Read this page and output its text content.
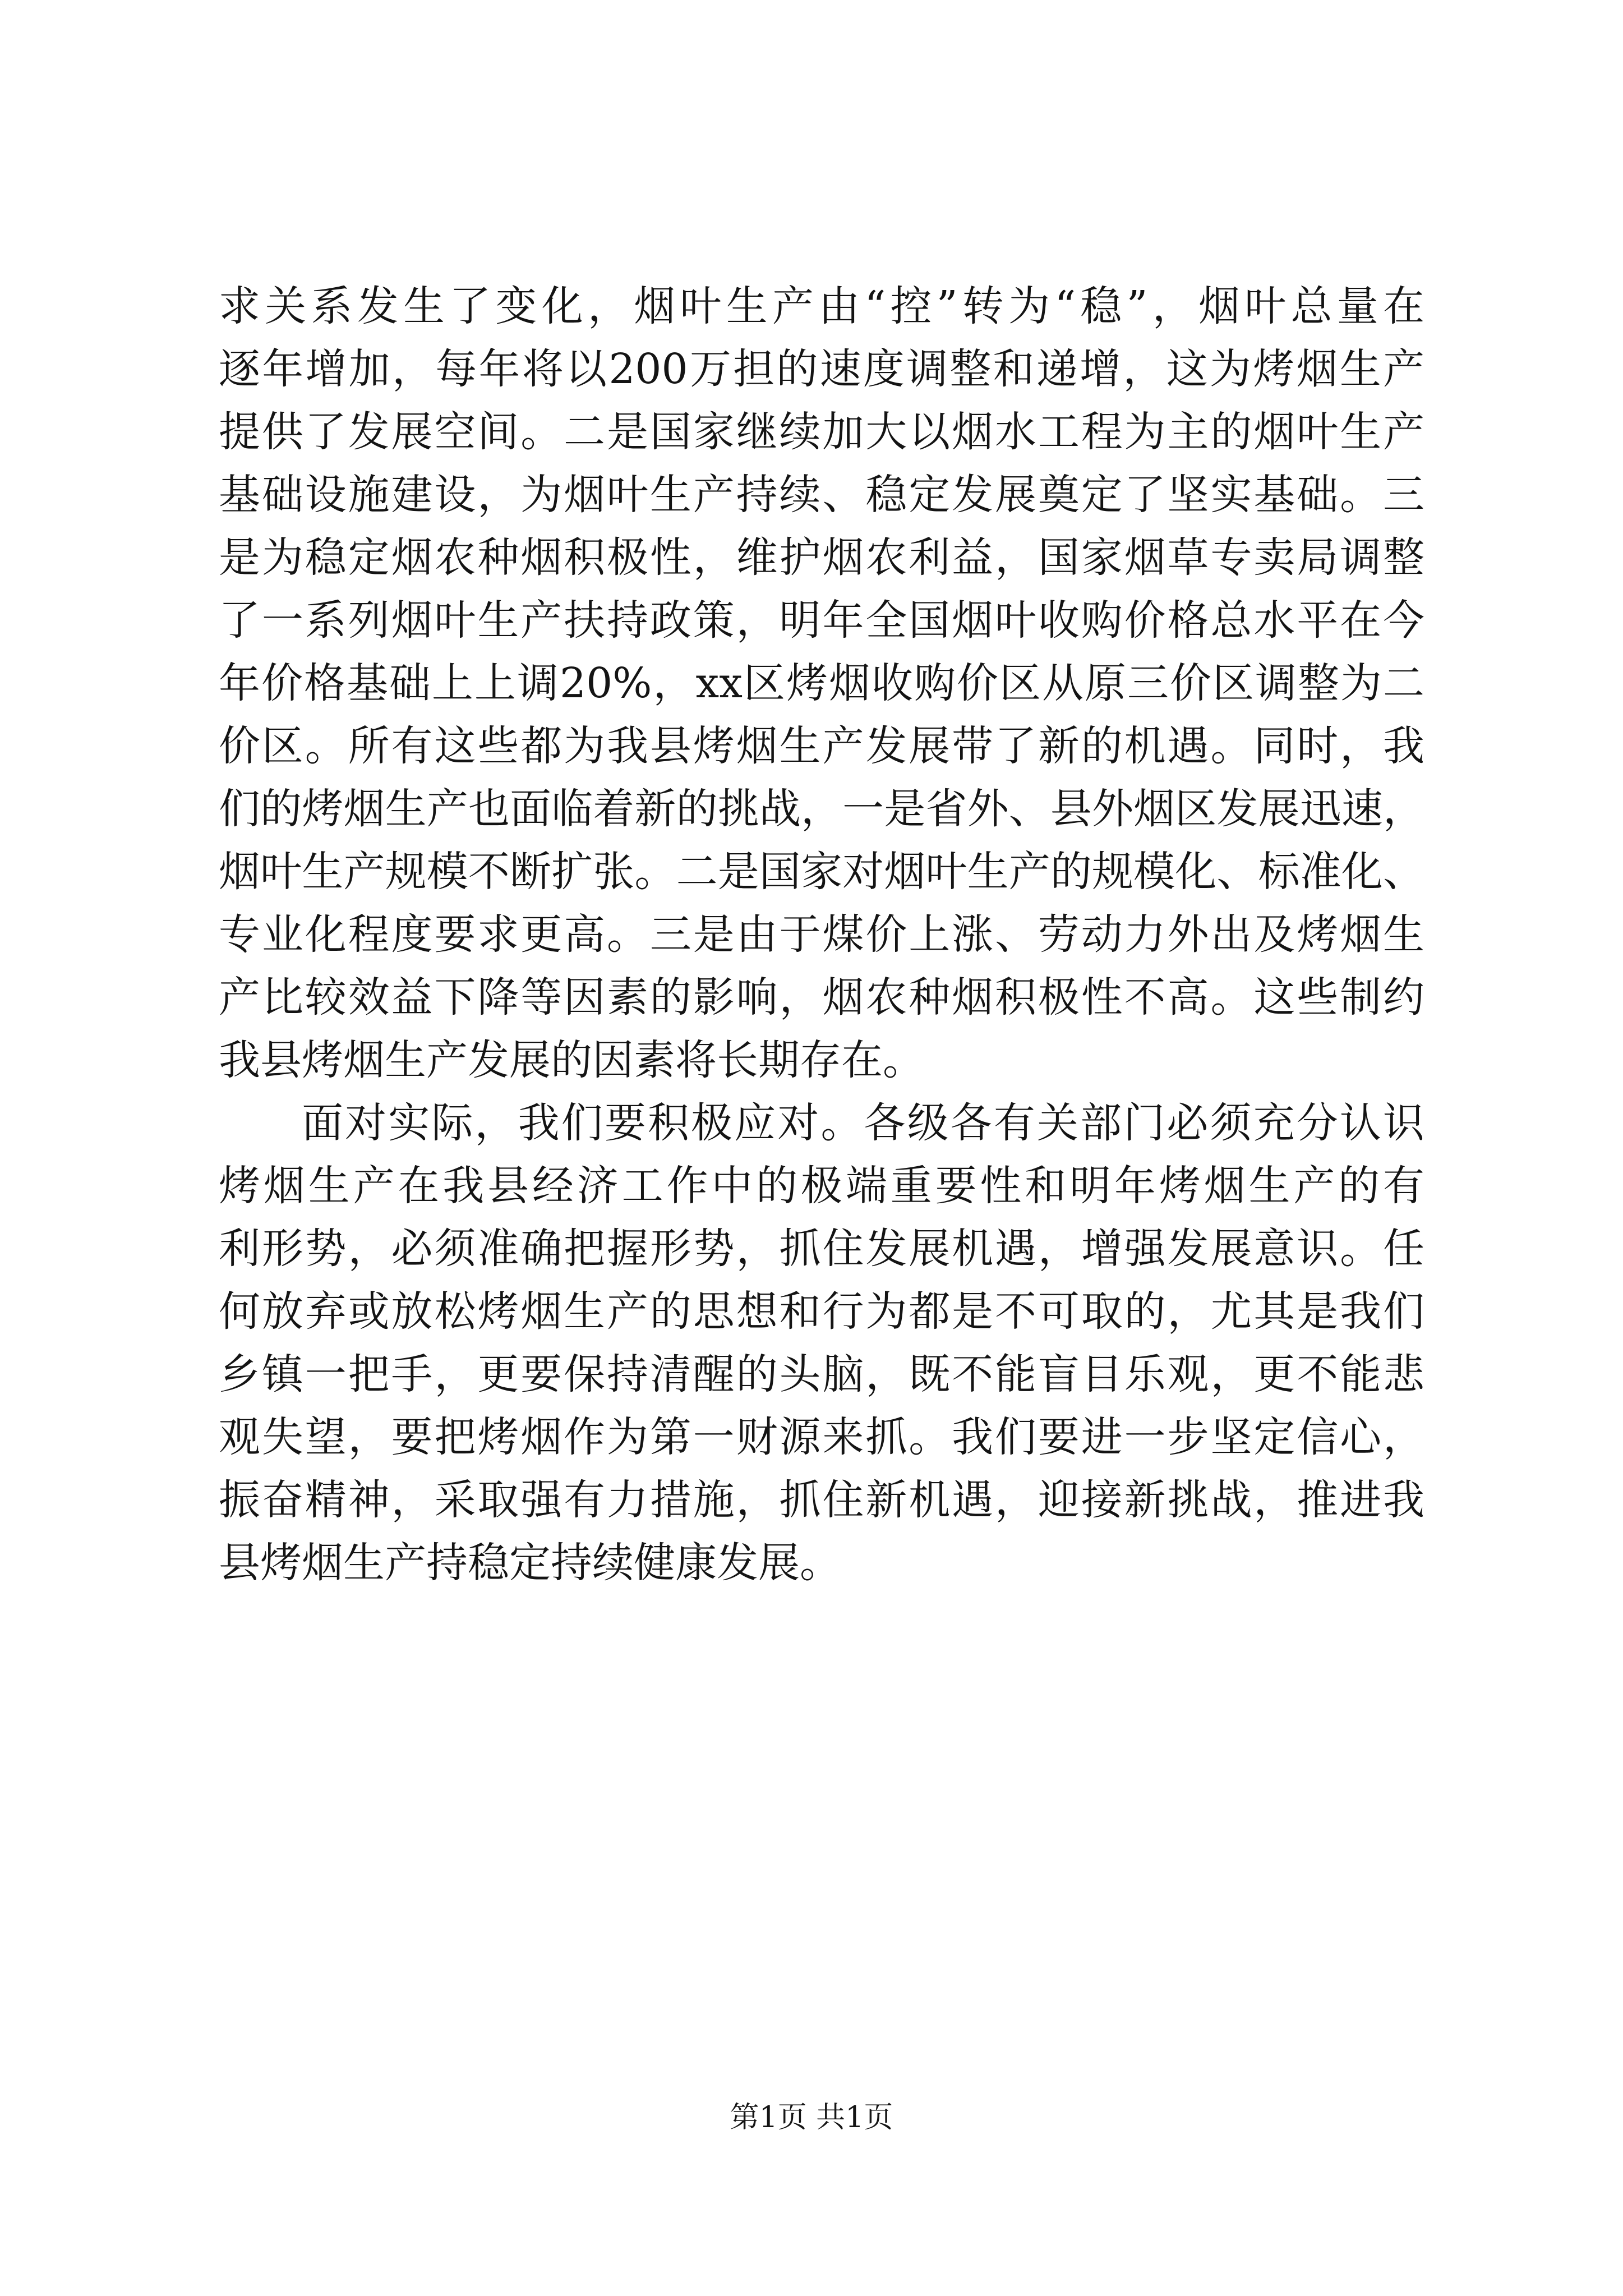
求关系发生了变化，烟叶生产由“控”转为“稳”，烟叶总量在
逐年增加，每年将以200万担的速度调整和递增，这为烤烟生产
提供了发展空间。二是国家继续加大以烟水工程为主的烟叶生产
基础设施建设，为烟叶生产持续、稳定发展奠定了坚实基础。三
是为稳定烟农种烟积极性，维护烟农利益，国家烟草专卖局调整
了一系列烟叶生产扶持政策，明年全国烟叶收购价格总水平在今
年价格基础上上调20%，xx区烤烟收购价区从原三价区调整为二
价区。所有这些都为我县烤烟生产发展带了新的机遇。同时，我
们的烤烟生产也面临着新的挑战，一是省外、县外烟区发展迅速，
烟叶生产规模不断扩张。二是国家对烟叶生产的规模化、标准化、
专业化程度要求更高。三是由于煤价上涨、劳动力外出及烤烟生
产比较效益下降等因素的影响，烟农种烟积极性不高。这些制约
我县烤烟生产发展的因素将长期存在。
面对实际，我们要积极应对。各级各有关部门必须充分认识
烤烟生产在我县经济工作中的极端重要性和明年烤烟生产的有
利形势，必须准确把握形势，抓住发展机遇，增强发展意识。任
何放弃或放松烤烟生产的思想和行为都是不可取的，尤其是我们
乡镇一把手，更要保持清醒的头脑，既不能盲目乐观，更不能悲
观失望，要把烤烟作为第一财源来抓。我们要进一步坚定信心，
振奋精神，采取强有力措施，抓住新机遇，迎接新挑战，推进我
县烤烟生产持稳定持续健康发展。
第1页 共1页
